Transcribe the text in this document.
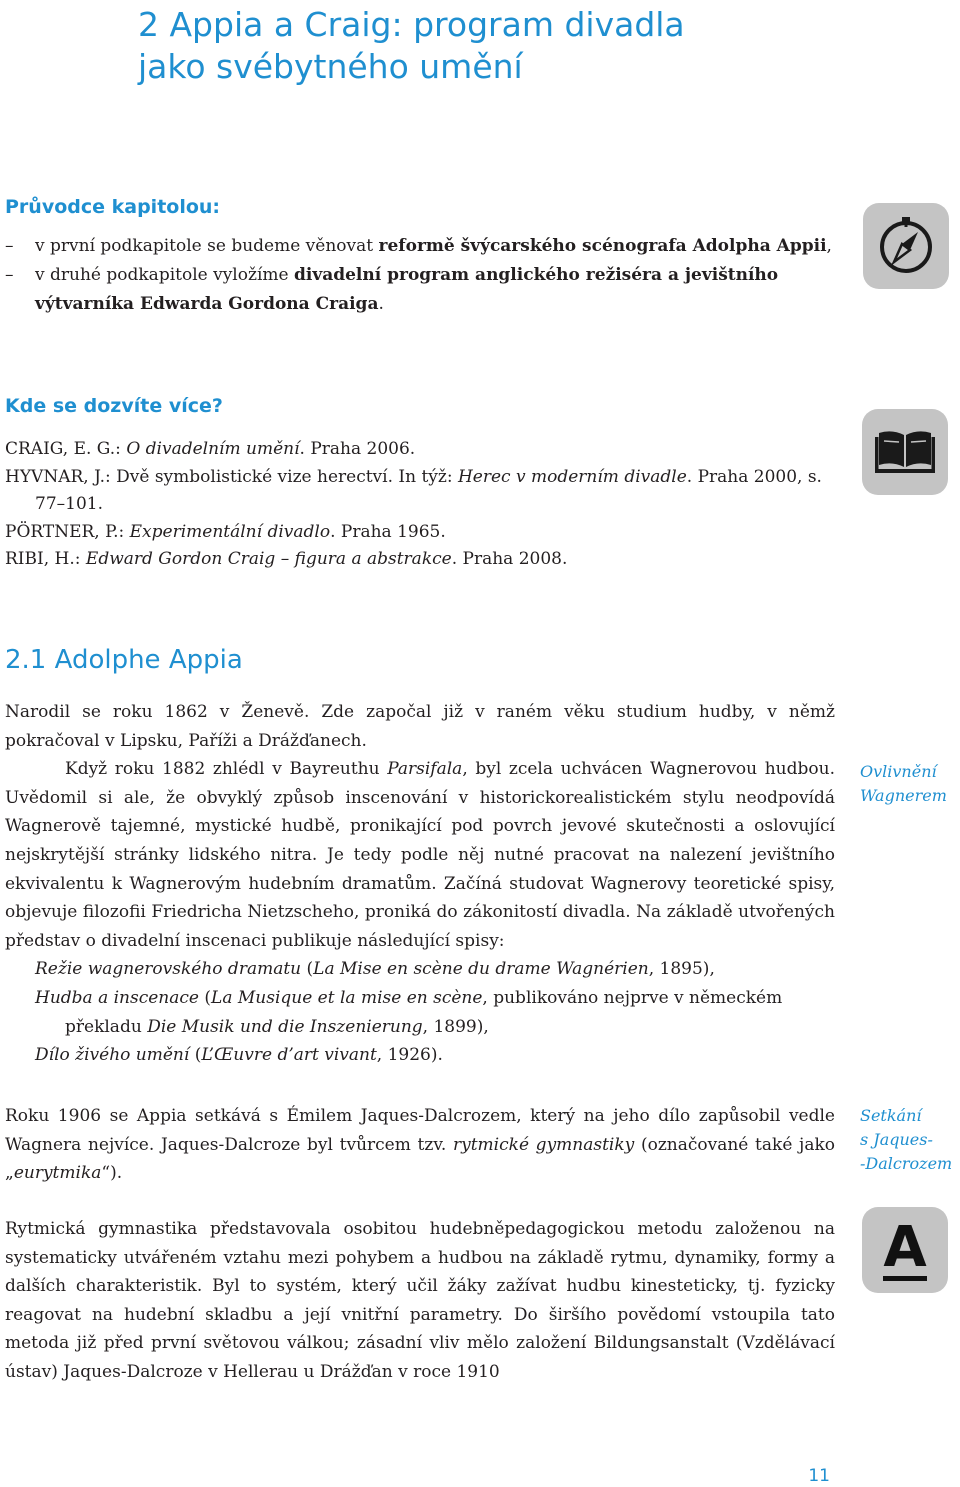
2 Appia a Craig: program divadla
jako svébytného umění
Průvodce kapitolou:
– v první podkapitole se budeme věnovat reformě švýcarského scénografa Adolpha Appii,
– v druhé podkapitole vyložíme divadelní program anglického režiséra a jevištního výtvarníka Edwarda Gordona Craiga.
Kde se dozvíte více?

CRAIG, E. G.: O divadelním umění. Praha 2006.

HYVNAR, J.: Dvě symbolistické vize herectví. In týž: Herec v moderním divadle. Praha 2000, s. 77–101.

PÖRTNER, P.: Experimentální divadlo. Praha 1965.

RIBI, H.: Edward Gordon Craig – figura a abstrakce. Praha 2008.

2.1 Adolphe Appia

Narodil se roku 1862 v Ženevě. Zde započal již v raném věku studium hudby, v němž pokračoval v Lipsku, Paříži a Drážďanech.

Když roku 1882 zhlédl v Bayreuthu Parsifala, byl zcela uchvácen Wagnerovou hudbou. Uvědomil si ale, že obvyklý způsob inscenování v historickorealistickém stylu neodpovídá Wagnerově tajemné, mystické hudbě, pronikající pod povrch jevové skutečnosti a oslovující nejskrytější stránky lidského nitra. Je tedy podle něj nutné pracovat na nalezení jevištního ekvivalentu k Wagnerovým hudebním dramatům. Začíná studovat Wagnerovy teoretické spisy, objevuje filozofii Friedricha Nietzscheho, proniká do zákonitostí divadla. Na základě utvořených představ o divadelní inscenaci publikuje následující spisy:

Režie wagnerovského dramatu (La Mise en scène du drame Wagnérien, 1895),

Hudba a inscenace (La Musique et la mise en scène, publikováno nejprve v německém překladu Die Musik und die Inszenierung, 1899),

Dílo živého umění (L’Œuvre d’art vivant, 1926).

Roku 1906 se Appia setkává s Émilem Jaques-Dalcrozem, který na jeho dílo zapůsobil vedle Wagnera nejvíce. Jaques-Dalcroze byl tvůrcem tzv. rytmické gymnastiky (označované také jako „eurytmika“).

Rytmická gymnastika představovala osobitou hudebněpedagogickou metodu založenou na systematicky utvářeném vztahu mezi pohybem a hudbou na základě rytmu, dynamiky, formy a dalších charakteristik. Byl to systém, který učil žáky zažívat hudbu kinesteticky, tj. fyzicky reagovat na hudební skladbu a její vnitřní parametry. Do širšího povědomí vstoupila tato metoda již před první světovou válkou; zásadní vliv mělo založení Bildungsanstalt (Vzdělávací ústav) Jaques-Dalcroze v Hellerau u Drážďan v roce 1910

Ovlivnění
Wagnerem
Setkání
s Jaques-
-Dalcrozem
A
11
